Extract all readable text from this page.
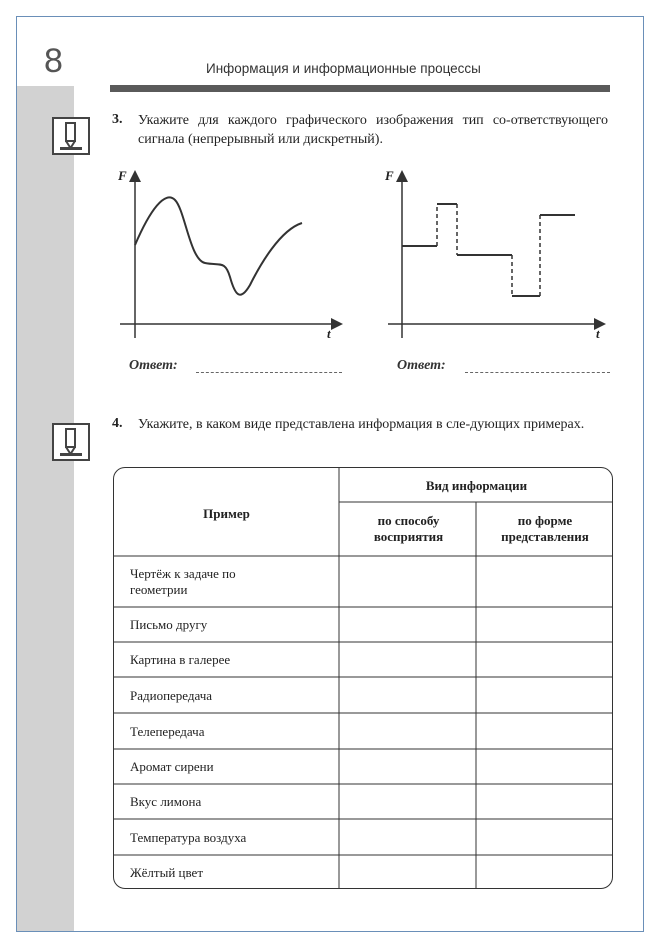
8	Информация и информационные процессы
3. Укажите для каждого графического изображения тип со-ответствующего сигнала (непрерывный или дискретный).
F
t
F
t
Ответ:	Ответ:
4. Укажите, в каком виде представлена информация в сле-дующих примерах.
Пример
Вид информации
по способу восприятия
по форме представления
Чертёж к задаче по геометрии
Письмо другу
Картина в галерее
Радиопередача
Телепередача
Аромат сирени
Вкус лимона
Температура воздуха
Жёлтый цвет
